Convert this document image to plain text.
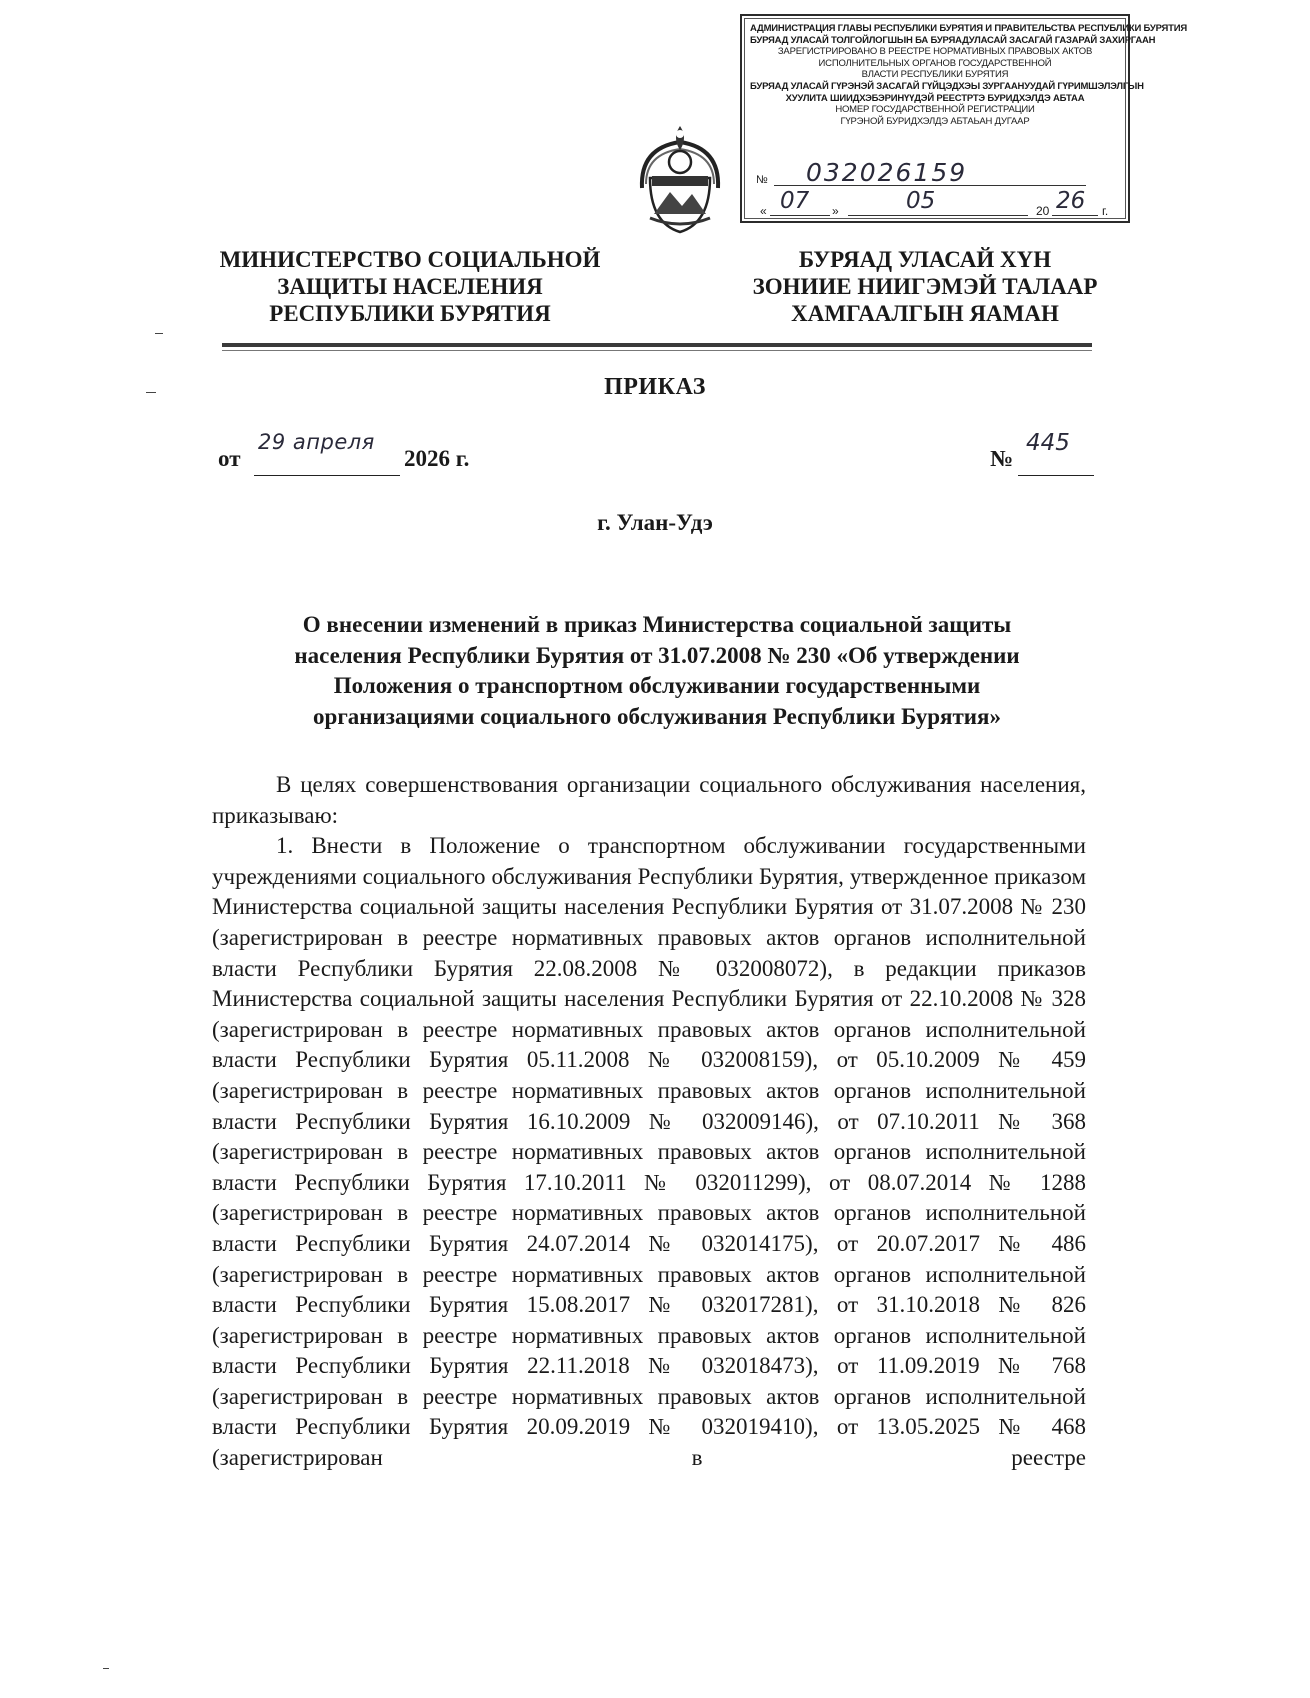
АДМИНИСТРАЦИЯ ГЛАВЫ РЕСПУБЛИКИ БУРЯТИЯ И ПРАВИТЕЛЬСТВА РЕСПУБЛИКИ БУРЯТИЯ
БУРЯАД УЛАСАЙ ТОЛГОЙЛОГШЫН БА БУРЯАДУЛАСАЙ ЗАСАГАЙ ГАЗАРАЙ ЗАХИРГААН
ЗАРЕГИСТРИРОВАНО В РЕЕСТРЕ НОРМАТИВНЫХ ПРАВОВЫХ АКТОВ
ИСПОЛНИТЕЛЬНЫХ ОРГАНОВ ГОСУДАРСТВЕННОЙ
ВЛАСТИ РЕСПУБЛИКИ БУРЯТИЯ
БУРЯАД УЛАСАЙ ГҮРЭНЭЙ ЗАСАГАЙ ГҮЙЦЭДХЭЫ ЗУРГААНУУДАЙ ГҮРИМШЭЛЭЛГЫН
ХУУЛИТА ШИИДХЭБЭРИНҮҮДЭЙ РЕЕСТРТЭ БУРИДХЭЛДЭ АБТАА
НОМЕР ГОСУДАРСТВЕННОЙ РЕГИСТРАЦИИ
ГҮРЭНОЙ БУРИДХЭЛДЭ АБТАЬАН ДУГААР
№ 032026159
« 07 »	05	20 26 г.
МИНИСТЕРСТВО СОЦИАЛЬНОЙ
ЗАЩИТЫ НАСЕЛЕНИЯ
РЕСПУБЛИКИ БУРЯТИЯ
БУРЯАД УЛАСАЙ ХҮН
ЗОНИИЕ НИИГЭМЭЙ ТАЛААР
ХАМГААЛГЫН ЯАМАН
ПРИКАЗ
от
29 апреля
2026 г.	№
445
г. Улан-Удэ
О внесении изменений в приказ Министерства социальной защиты
населения Республики Бурятия от 31.07.2008 № 230 «Об утверждении
Положения о транспортном обслуживании государственными
организациями социального обслуживания Республики Бурятия»

В целях совершенствования организации социального обслуживания населения, приказываю:

1. Внести в Положение о транспортном обслуживании государственными учреждениями социального обслуживания Республики Бурятия, утвержденное приказом Министерства социальной защиты населения Республики Бурятия от 31.07.2008 № 230 (зарегистрирован в реестре нормативных правовых актов органов исполнительной власти Республики Бурятия 22.08.2008 № 032008072), в редакции приказов Министерства социальной защиты населения Республики Бурятия от 22.10.2008 № 328 (зарегистрирован в реестре нормативных правовых актов органов исполнительной власти Республики Бурятия 05.11.2008 № 032008159), от 05.10.2009 № 459 (зарегистрирован в реестре нормативных правовых актов органов исполнительной власти Республики Бурятия 16.10.2009 № 032009146), от 07.10.2011 № 368 (зарегистрирован в реестре нормативных правовых актов органов исполнительной власти Республики Бурятия 17.10.2011 № 032011299), от 08.07.2014 № 1288 (зарегистрирован в реестре нормативных правовых актов органов исполнительной власти Республики Бурятия 24.07.2014 № 032014175), от 20.07.2017 № 486 (зарегистрирован в реестре нормативных правовых актов органов исполнительной власти Республики Бурятия 15.08.2017 № 032017281), от 31.10.2018 № 826 (зарегистрирован в реестре нормативных правовых актов органов исполнительной власти Республики Бурятия 22.11.2018 № 032018473), от 11.09.2019 № 768 (зарегистрирован в реестре нормативных правовых актов органов исполнительной власти Республики Бурятия 20.09.2019 № 032019410), от 13.05.2025 № 468 (зарегистрирован в реестре
